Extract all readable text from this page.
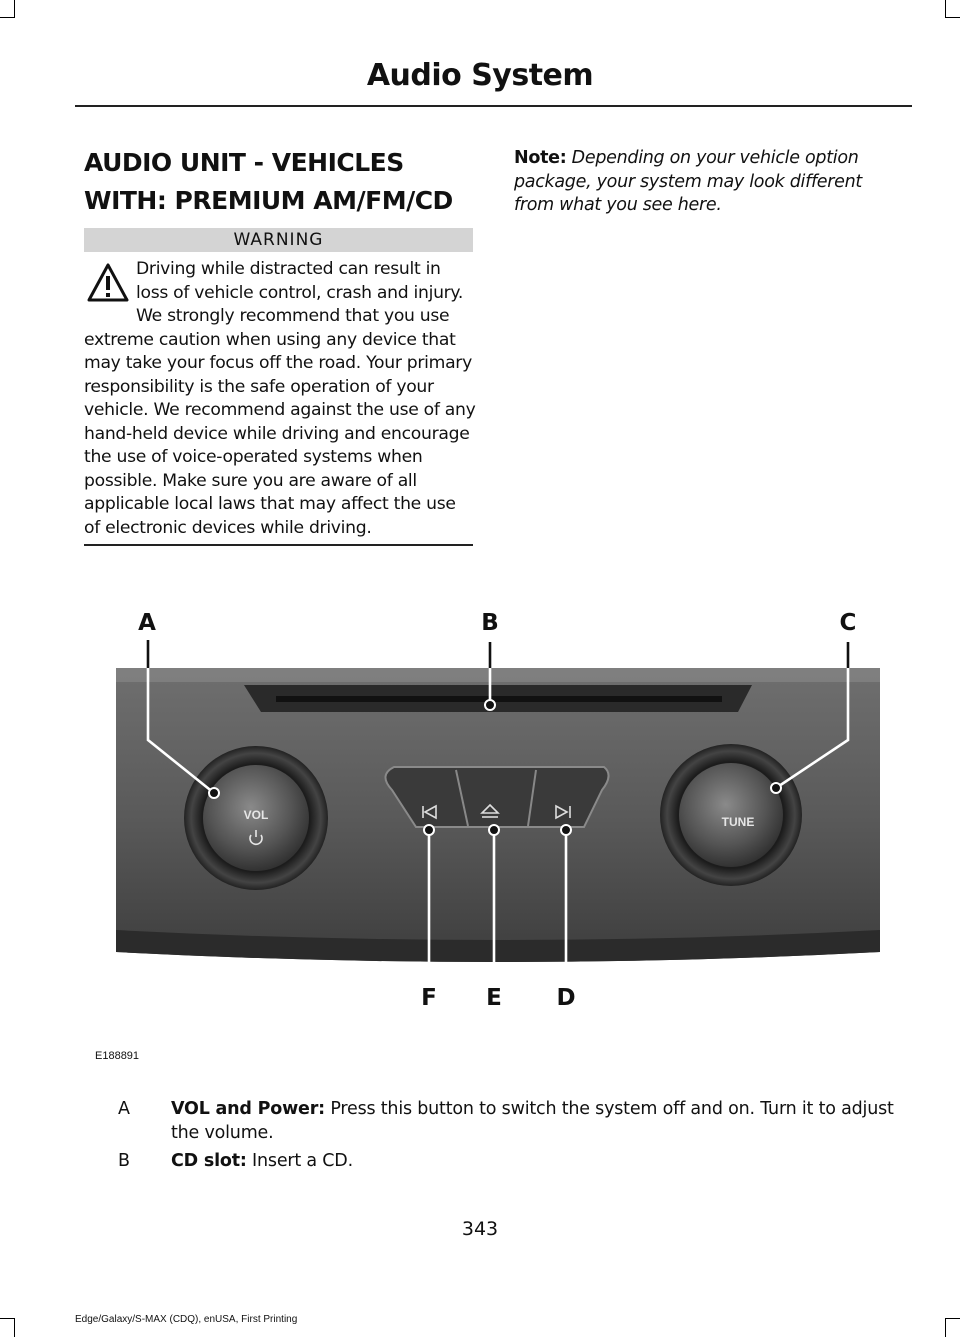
Audio System
AUDIO UNIT - VEHICLES WITH: PREMIUM AM/FM/CD
WARNING
Driving while distracted can result in loss of vehicle control, crash and injury. We strongly recommend that you use extreme caution when using any device that may take your focus off the road. Your primary responsibility is the safe operation of your vehicle. We recommend against the use of any hand-held device while driving and encourage the use of voice-operated systems when possible. Make sure you are aware of all applicable local laws that may affect the use of electronic devices while driving.
Note: Depending on your vehicle option package, your system may look different from what you see here.
VOL	TUNE
A	B	C
F E D
E188891
A VOL and Power: Press this button to switch the system off and on. Turn it to adjust the volume.
B CD slot: Insert a CD.
343
Edge/Galaxy/S-MAX (CDQ), enUSA, First Printing
